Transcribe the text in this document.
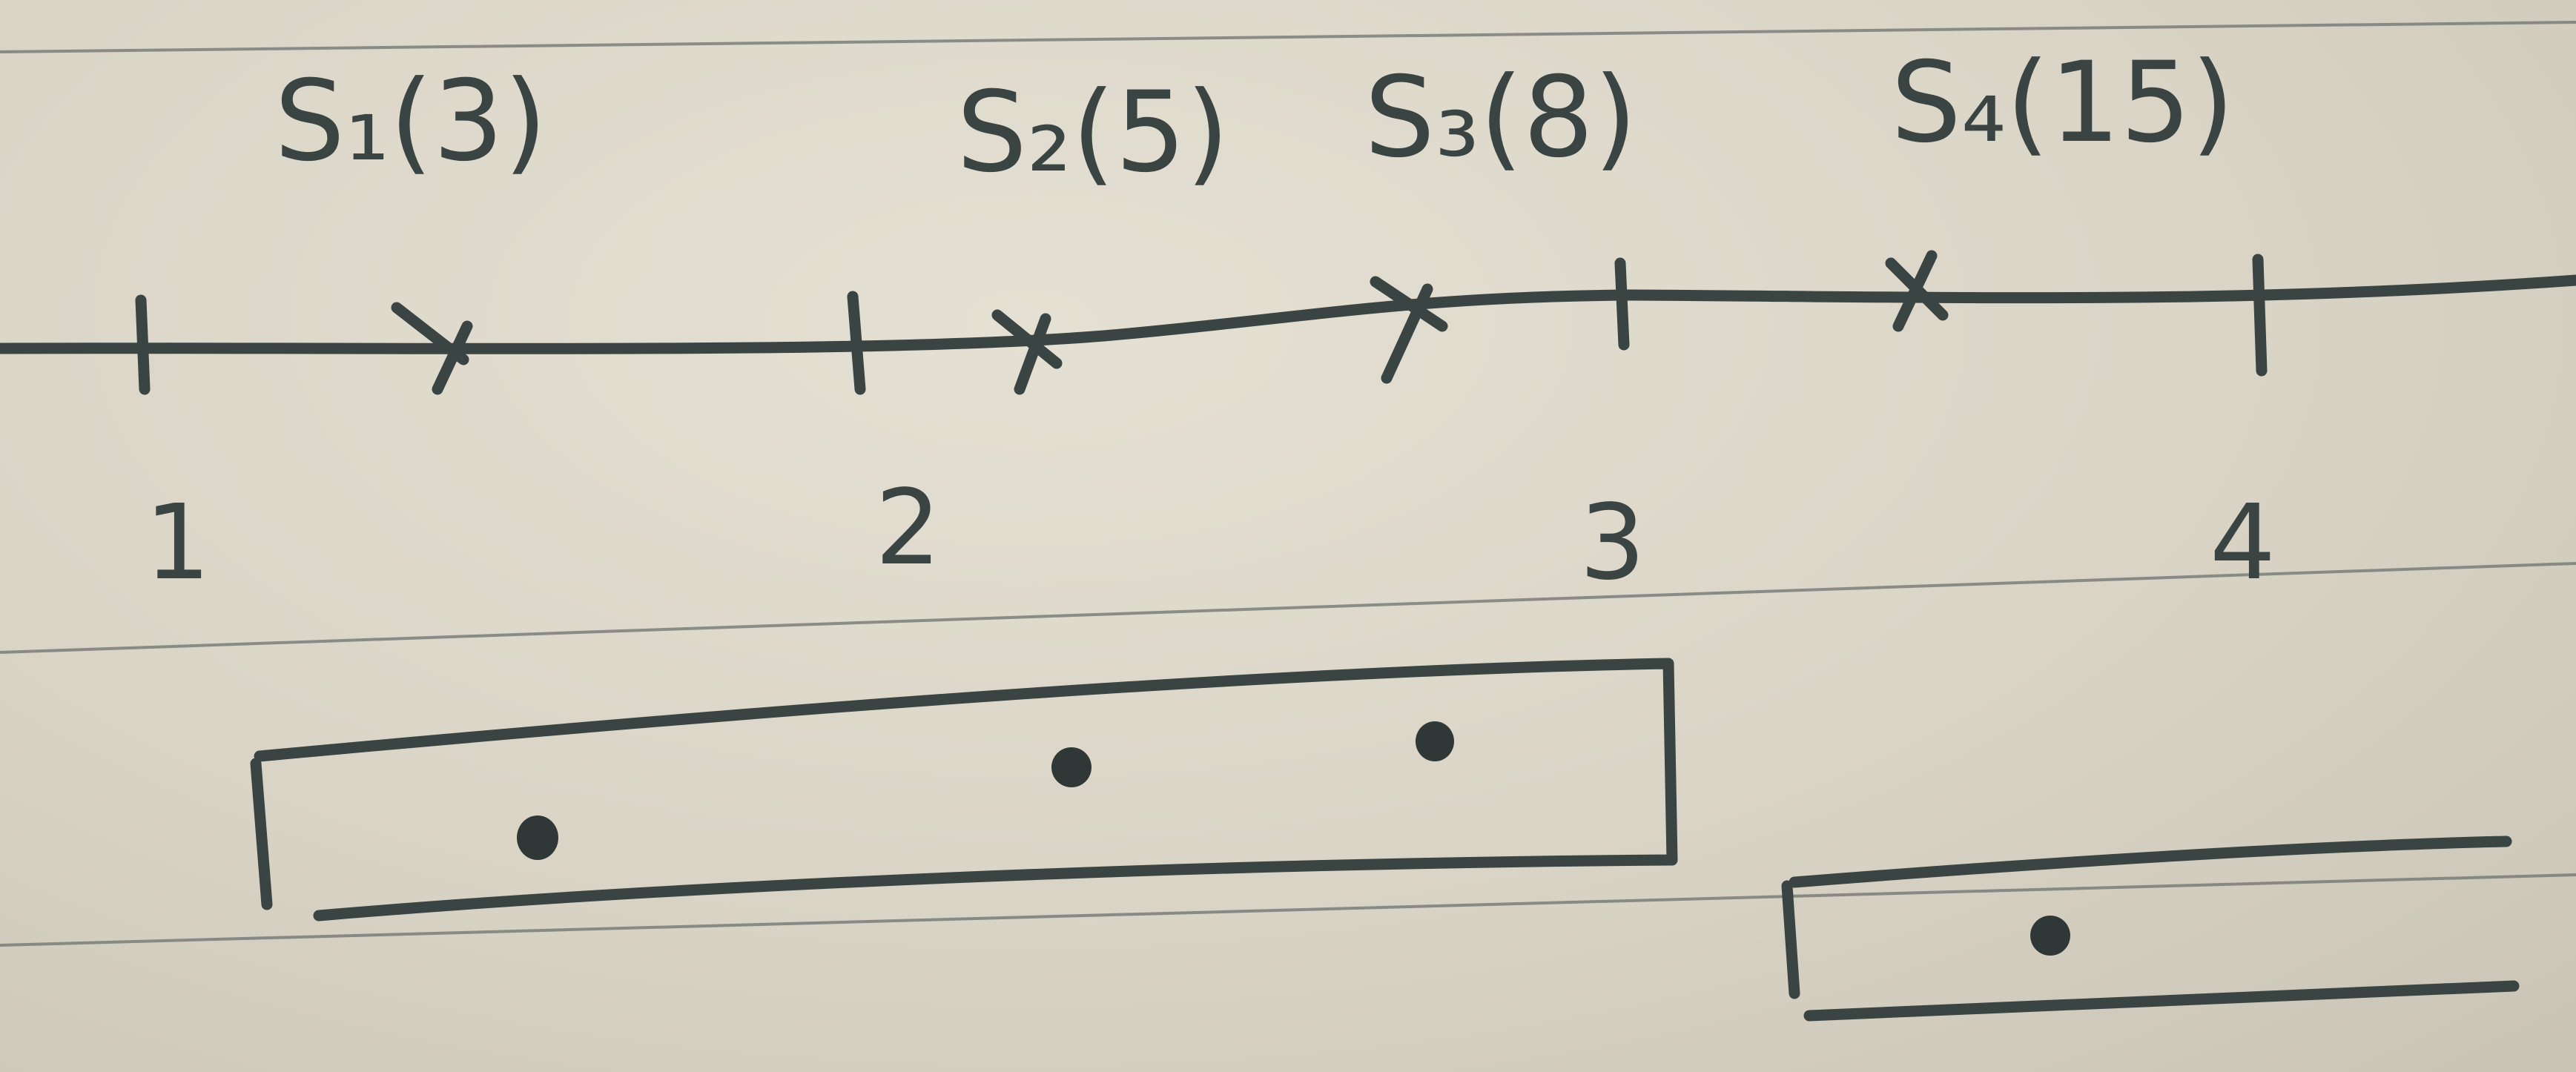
S₁(3)	S₂(5) S₃(8) S₄(15)
1	2	3	4
